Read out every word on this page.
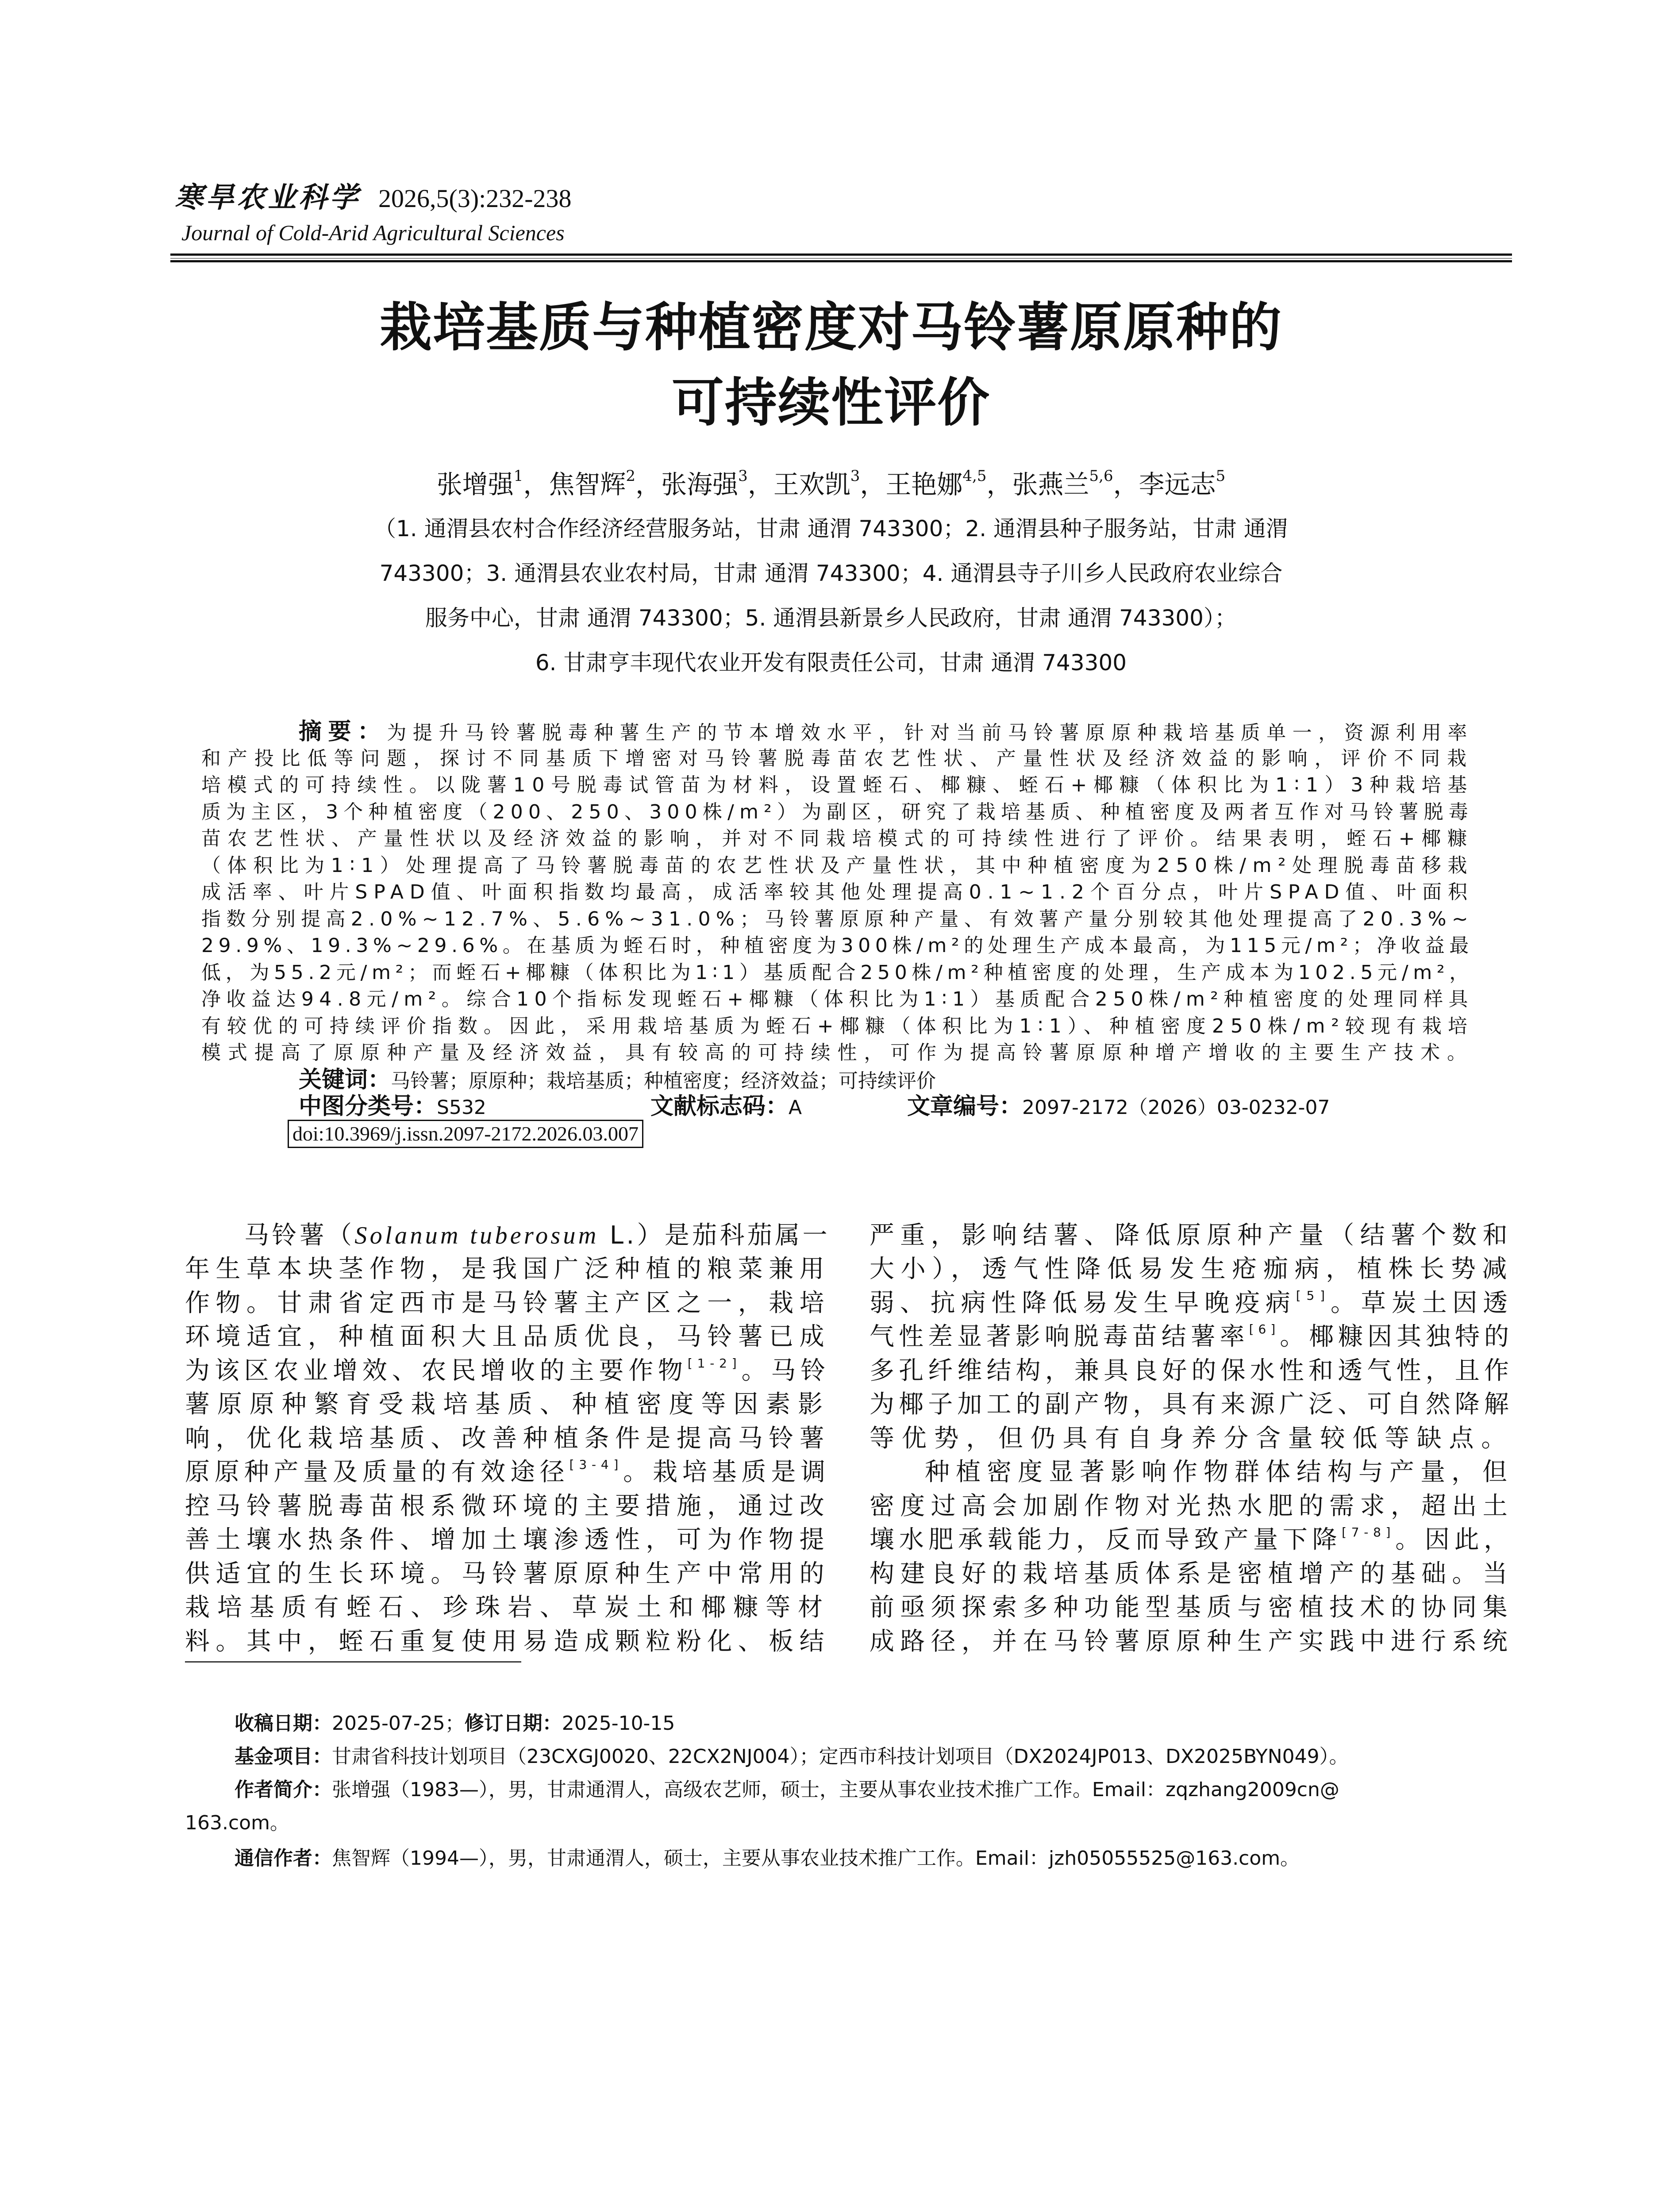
寒旱农业科学 2026,5(3):232-238
Journal of Cold-Arid Agricultural Sciences
栽培基质与种植密度对马铃薯原原种的
可持续性评价
张增强$^1$，焦智辉$^2$，张海强$^3$，王欢凯$^3$，王艳娜$^{4,5}$，张燕兰$^{5,6}$，李远志$^5$
（1. 通渭县农村合作经济经营服务站，甘肃 通渭 743300；2. 通渭县种子服务站，甘肃 通渭
743300；3. 通渭县农业农村局，甘肃 通渭 743300；4. 通渭县寺子川乡人民政府农业综合
服务中心，甘肃 通渭 743300；5. 通渭县新景乡人民政府，甘肃 通渭 743300）；
6. 甘肃亨丰现代农业开发有限责任公司，甘肃 通渭 743300
摘要：为提升马铃薯脱毒种薯生产的节本增效水平，针对当前马铃薯原原种栽培基质单一，资源利用率
和产投比低等问题，探讨不同基质下增密对马铃薯脱毒苗农艺性状、产量性状及经济效益的影响，评价不同栽
培模式的可持续性。以陇薯10号脱毒试管苗为材料，设置蛭石、椰糠、蛭石+椰糠（体积比为1∶1）3种栽培基
质为主区，3个种植密度（200、250、300株/m²）为副区，研究了栽培基质、种植密度及两者互作对马铃薯脱毒
苗农艺性状、产量性状以及经济效益的影响，并对不同栽培模式的可持续性进行了评价。结果表明，蛭石+椰糠
（体积比为1∶1）处理提高了马铃薯脱毒苗的农艺性状及产量性状，其中种植密度为250株/m²处理脱毒苗移栽
成活率、叶片SPAD值、叶面积指数均最高，成活率较其他处理提高0.1~1.2个百分点，叶片SPAD值、叶面积
指数分别提高2.0%~12.7%、5.6%~31.0%；马铃薯原原种产量、有效薯产量分别较其他处理提高了20.3%~
29.9%、19.3%~29.6%。在基质为蛭石时，种植密度为300株/m²的处理生产成本最高，为115元/m²；净收益最
低，为55.2元/m²；而蛭石+椰糠（体积比为1∶1）基质配合250株/m²种植密度的处理，生产成本为102.5元/m²，
净收益达94.8元/m²。综合10个指标发现蛭石+椰糠（体积比为1∶1）基质配合250株/m²种植密度的处理同样具
有较优的可持续评价指数。因此，采用栽培基质为蛭石+椰糠（体积比为1∶1）、种植密度250株/m²较现有栽培
模式提高了原原种产量及经济效益，具有较高的可持续性，可作为提高铃薯原原种增产增收的主要生产技术。
关键词：马铃薯；原原种；栽培基质；种植密度；经济效益；可持续评价
中图分类号：S532	文献标志码：A	文章编号：2097-2172（2026）03-0232-07
doi:10.3969/j.issn.2097-2172.2026.03.007
马铃薯（Solanum tuberosum L.）是茄科茄属一
年生草本块茎作物，是我国广泛种植的粮菜兼用
作物。甘肃省定西市是马铃薯主产区之一，栽培
环境适宜，种植面积大且品质优良，马铃薯已成
为该区农业增效、农民增收的主要作物[1-2]。马铃
薯原原种繁育受栽培基质、种植密度等因素影
响，优化栽培基质、改善种植条件是提高马铃薯
原原种产量及质量的有效途径[3-4]。栽培基质是调
控马铃薯脱毒苗根系微环境的主要措施，通过改
善土壤水热条件、增加土壤渗透性，可为作物提
供适宜的生长环境。马铃薯原原种生产中常用的
栽培基质有蛭石、珍珠岩、草炭土和椰糠等材
料。其中，蛭石重复使用易造成颗粒粉化、板结
严重，影响结薯、降低原原种产量（结薯个数和
大小），透气性降低易发生疮痂病，植株长势减
弱、抗病性降低易发生早晚疫病[5]。草炭土因透
气性差显著影响脱毒苗结薯率[6]。椰糠因其独特的
多孔纤维结构，兼具良好的保水性和透气性，且作
为椰子加工的副产物，具有来源广泛、可自然降解
等优势，但仍具有自身养分含量较低等缺点。
种植密度显著影响作物群体结构与产量，但
密度过高会加剧作物对光热水肥的需求，超出土
壤水肥承载能力，反而导致产量下降[7-8]。因此，
构建良好的栽培基质体系是密植增产的基础。当
前亟须探索多种功能型基质与密植技术的协同集
成路径，并在马铃薯原原种生产实践中进行系统
收稿日期：2025-07-25；修订日期：2025-10-15
基金项目：甘肃省科技计划项目（23CXGJ0020、22CX2NJ004）；定西市科技计划项目（DX2024JP013、DX2025BYN049）。
作者简介：张增强（1983—），男，甘肃通渭人，高级农艺师，硕士，主要从事农业技术推广工作。Email：zqzhang2009cn@
163.com。
通信作者：焦智辉（1994—），男，甘肃通渭人，硕士，主要从事农业技术推广工作。Email：jzh05055525@163.com。
